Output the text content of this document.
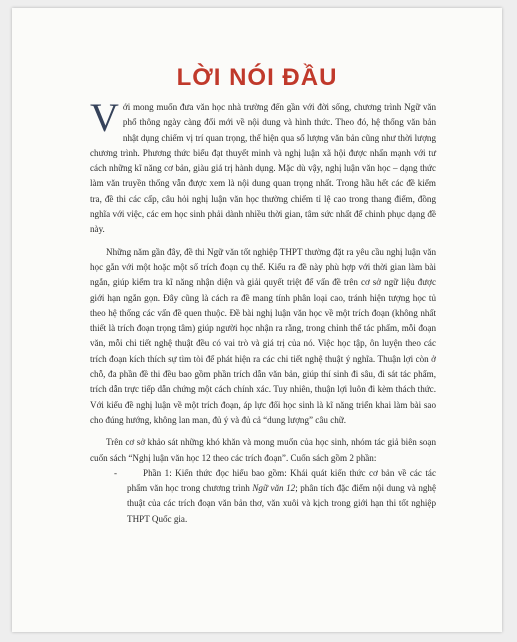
LỜI NÓI ĐẦU

Với mong muốn đưa văn học nhà trường đến gần với đời sống, chương trình Ngữ văn phổ thông ngày càng đổi mới về nội dung và hình thức. Theo đó, hệ thống văn bản nhật dụng chiếm vị trí quan trọng, thể hiện qua số lượng văn bản cũng như thời lượng chương trình. Phương thức biểu đạt thuyết minh và nghị luận xã hội được nhấn mạnh với tư cách những kĩ năng cơ bản, giàu giá trị hành dụng. Mặc dù vậy, nghị luận văn học – dạng thức làm văn truyền thống vẫn được xem là nội dung quan trọng nhất. Trong hầu hết các đề kiểm tra, đề thi các cấp, câu hỏi nghị luận văn học thường chiếm tỉ lệ cao trong thang điểm, đồng nghĩa với việc, các em học sinh phải dành nhiều thời gian, tâm sức nhất để chinh phục dạng đề này.

Những năm gần đây, đề thi Ngữ văn tốt nghiệp THPT thường đặt ra yêu cầu nghị luận văn học gắn với một hoặc một số trích đoạn cụ thể. Kiểu ra đề này phù hợp với thời gian làm bài ngắn, giúp kiểm tra kĩ năng nhận diện và giải quyết triệt để vấn đề trên cơ sở ngữ liệu được giới hạn ngắn gọn. Đây cũng là cách ra đề mang tính phân loại cao, tránh hiện tượng học tủ theo hệ thống các vấn đề quen thuộc. Đề bài nghị luận văn học về một trích đoạn (không nhất thiết là trích đoạn trọng tâm) giúp người học nhận ra rằng, trong chỉnh thể tác phẩm, mỗi đoạn văn, mỗi chi tiết nghệ thuật đều có vai trò và giá trị của nó. Việc học tập, ôn luyện theo các trích đoạn kích thích sự tìm tòi để phát hiện ra các chi tiết nghệ thuật ý nghĩa. Thuận lợi còn ở chỗ, đa phần đề thi đều bao gồm phần trích dẫn văn bản, giúp thí sinh đi sâu, đi sát tác phẩm, trích dẫn trực tiếp dẫn chứng một cách chính xác. Tuy nhiên, thuận lợi luôn đi kèm thách thức. Với kiểu đề nghị luận về một trích đoạn, áp lực đối học sinh là kĩ năng triển khai làm bài sao cho đúng hướng, không lan man, đủ ý và đủ cả “dung lượng” câu chữ.

Trên cơ sở khảo sát những khó khăn và mong muốn của học sinh, nhóm tác giả biên soạn cuốn sách “Nghị luận văn học 12 theo các trích đoạn”. Cuốn sách gồm 2 phần:

-	Phần 1: Kiến thức đọc hiểu bao gồm: Khái quát kiến thức cơ bản về các tác phẩm văn học trong chương trình Ngữ văn 12; phân tích đặc điểm nội dung và nghệ thuật của các trích đoạn văn bản thơ, văn xuôi và kịch trong giới hạn thi tốt nghiệp THPT Quốc gia.
